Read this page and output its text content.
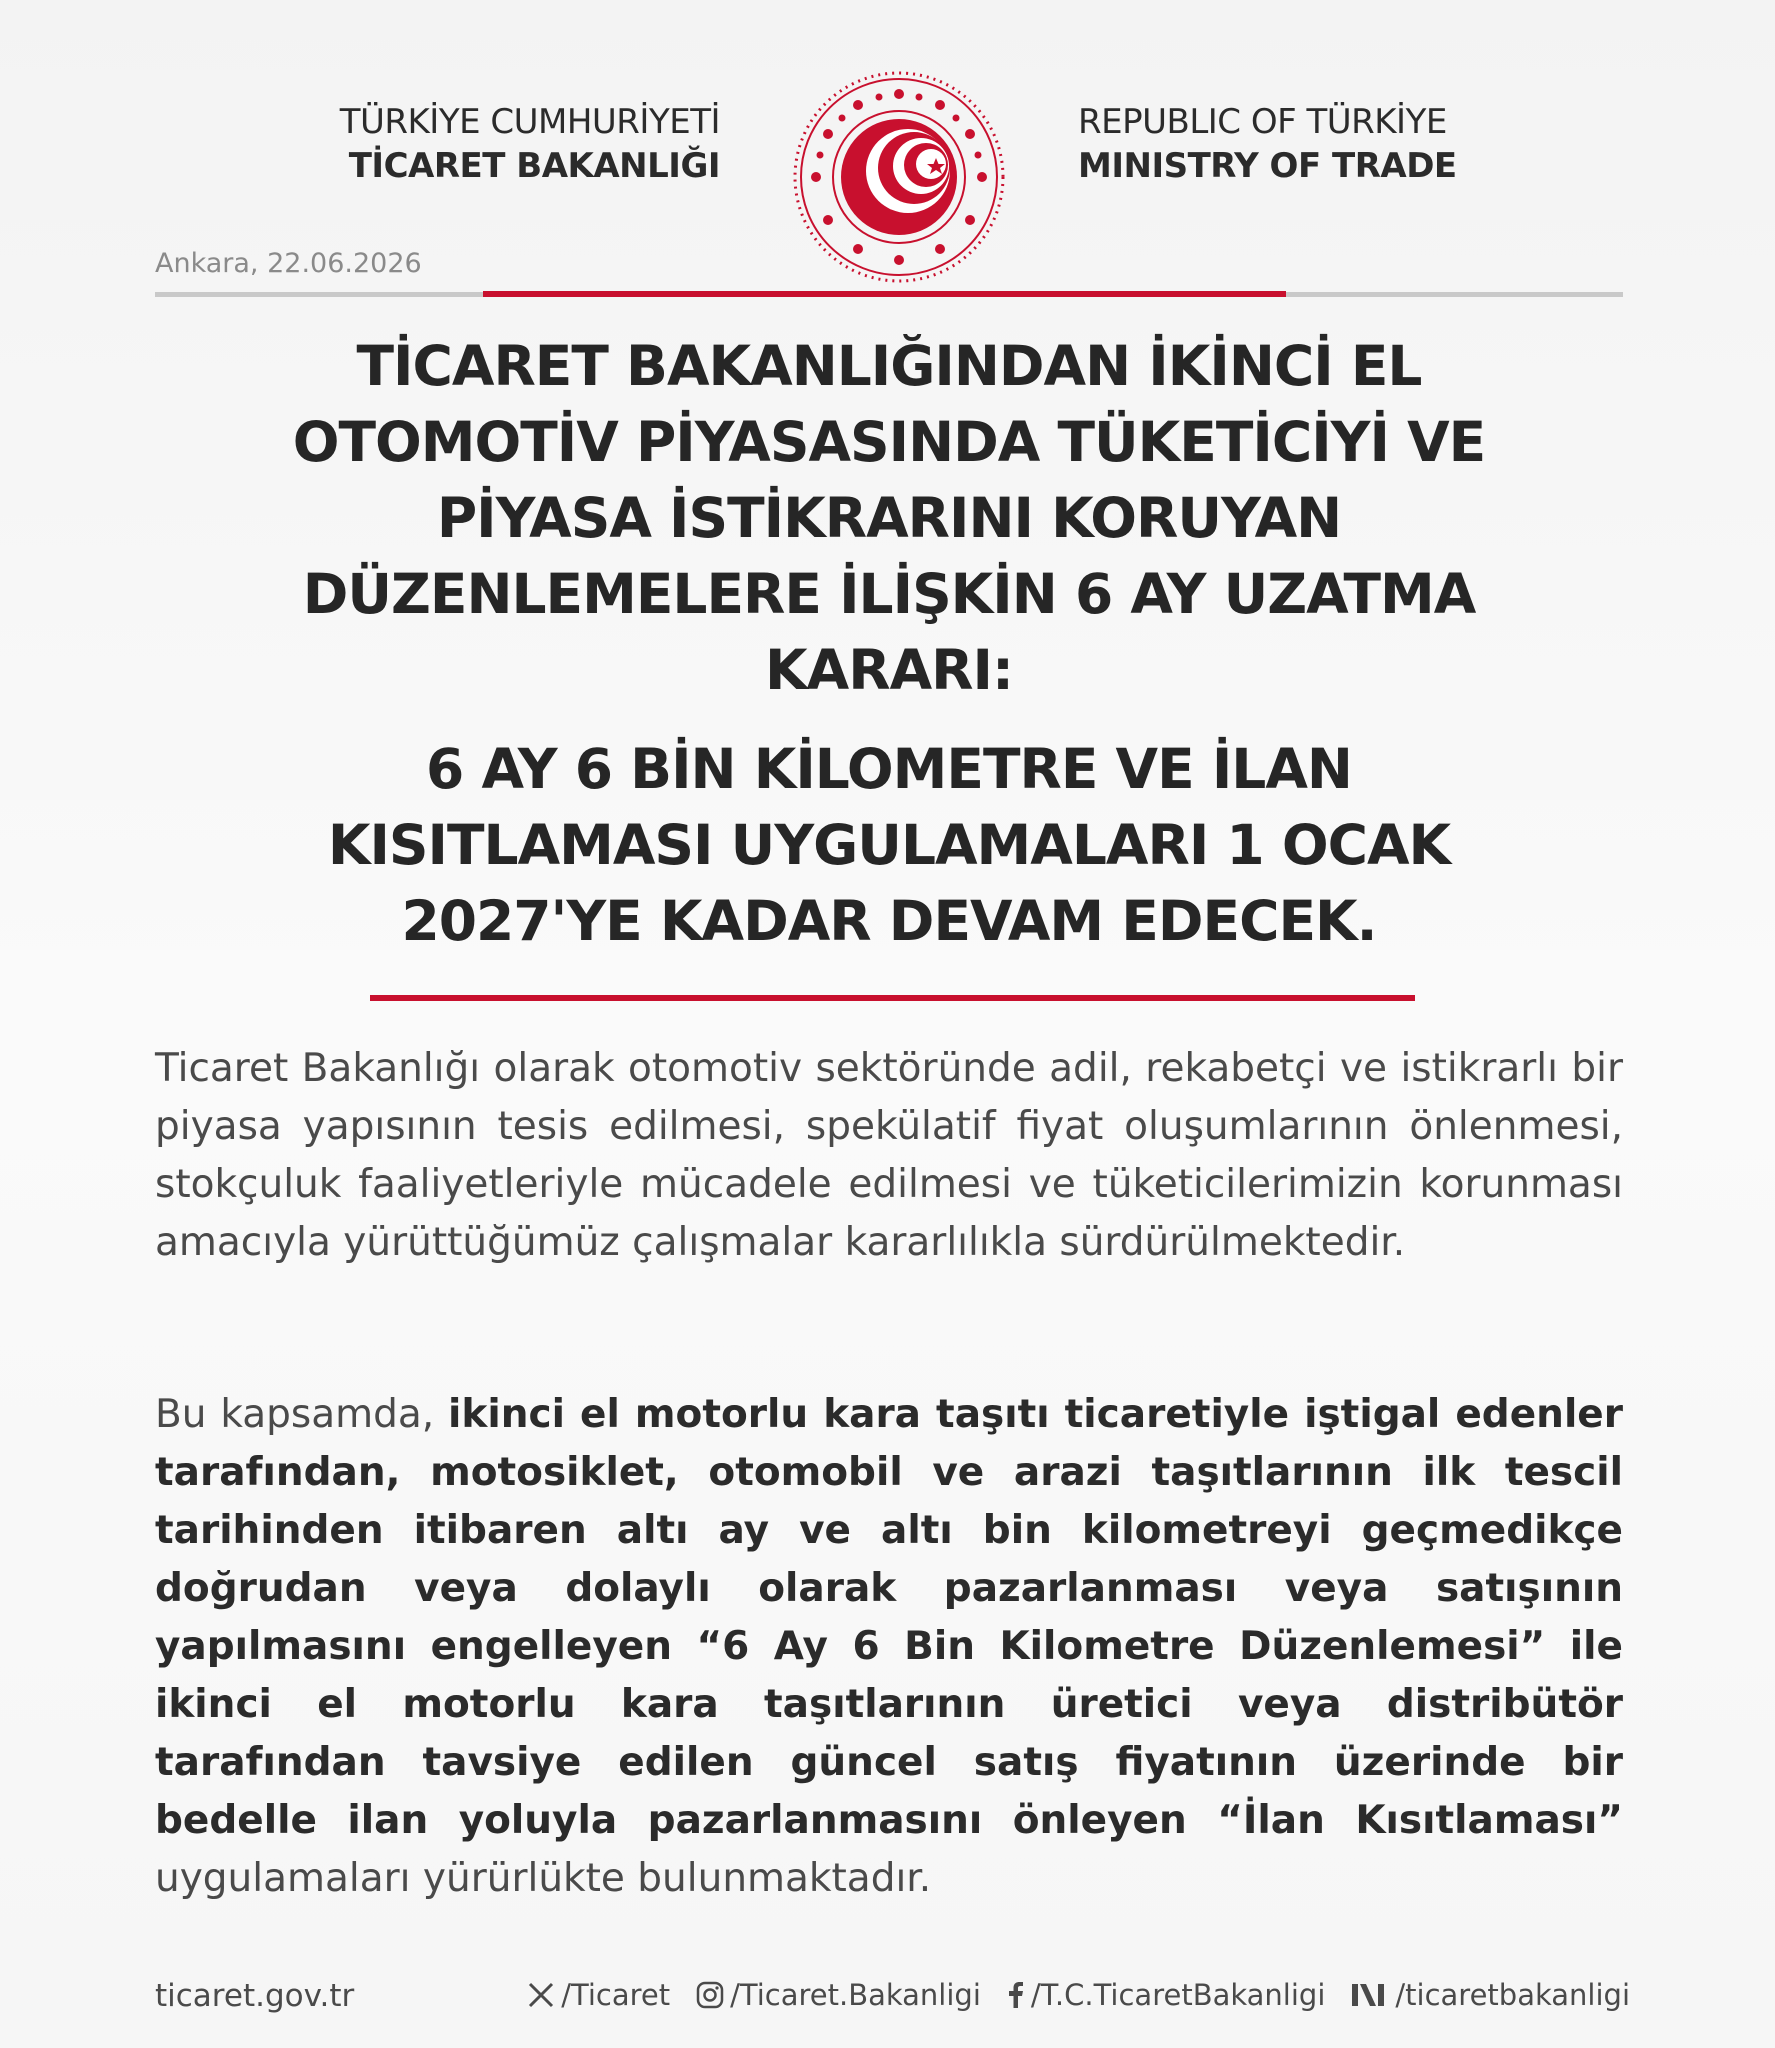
TÜRKİYE CUMHURİYETİ
TİCARET BAKANLIĞI
REPUBLIC OF TÜRKİYE
MINISTRY OF TRADE
Ankara, 22.06.2026
TİCARET BAKANLIĞINDAN İKİNCİ EL
OTOMOTİV PİYASASINDA TÜKETİCİYİ VE
PİYASA İSTİKRARINI KORUYAN
DÜZENLEMELERE İLİŞKİN 6 AY UZATMA
KARARI:
6 AY 6 BİN KİLOMETRE VE İLAN
KISITLAMASI UYGULAMALARI 1 OCAK
2027'YE KADAR DEVAM EDECEK.
Ticaret Bakanlığı olarak otomotiv sektöründe adil, rekabetçi ve istikrarlı bir piyasa yapısının tesis edilmesi, spekülatif fiyat oluşumlarının önlenmesi, stokçuluk faaliyetleriyle mücadele edilmesi ve tüketicilerimizin korunması amacıyla yürüttüğümüz çalışmalar kararlılıkla sürdürülmektedir.
Bu kapsamda, ikinci el motorlu kara taşıtı ticaretiyle iştigal edenler tarafından, motosiklet, otomobil ve arazi taşıtlarının ilk tescil tarihinden itibaren altı ay ve altı bin kilometreyi geçmedikçe doğrudan veya dolaylı olarak pazarlanması veya satışının yapılmasını engelleyen “6 Ay 6 Bin Kilometre Düzenlemesi” ile ikinci el motorlu kara taşıtlarının üretici veya distribütör tarafından tavsiye edilen güncel satış fiyatının üzerinde bir bedelle ilan yoluyla pazarlanmasını önleyen “İlan Kısıtlaması” uygulamaları yürürlükte bulunmaktadır.
ticaret.gov.tr	/Ticaret /Ticaret.Bakanligi /T.C.TicaretBakanligi /ticaretbakanligi
